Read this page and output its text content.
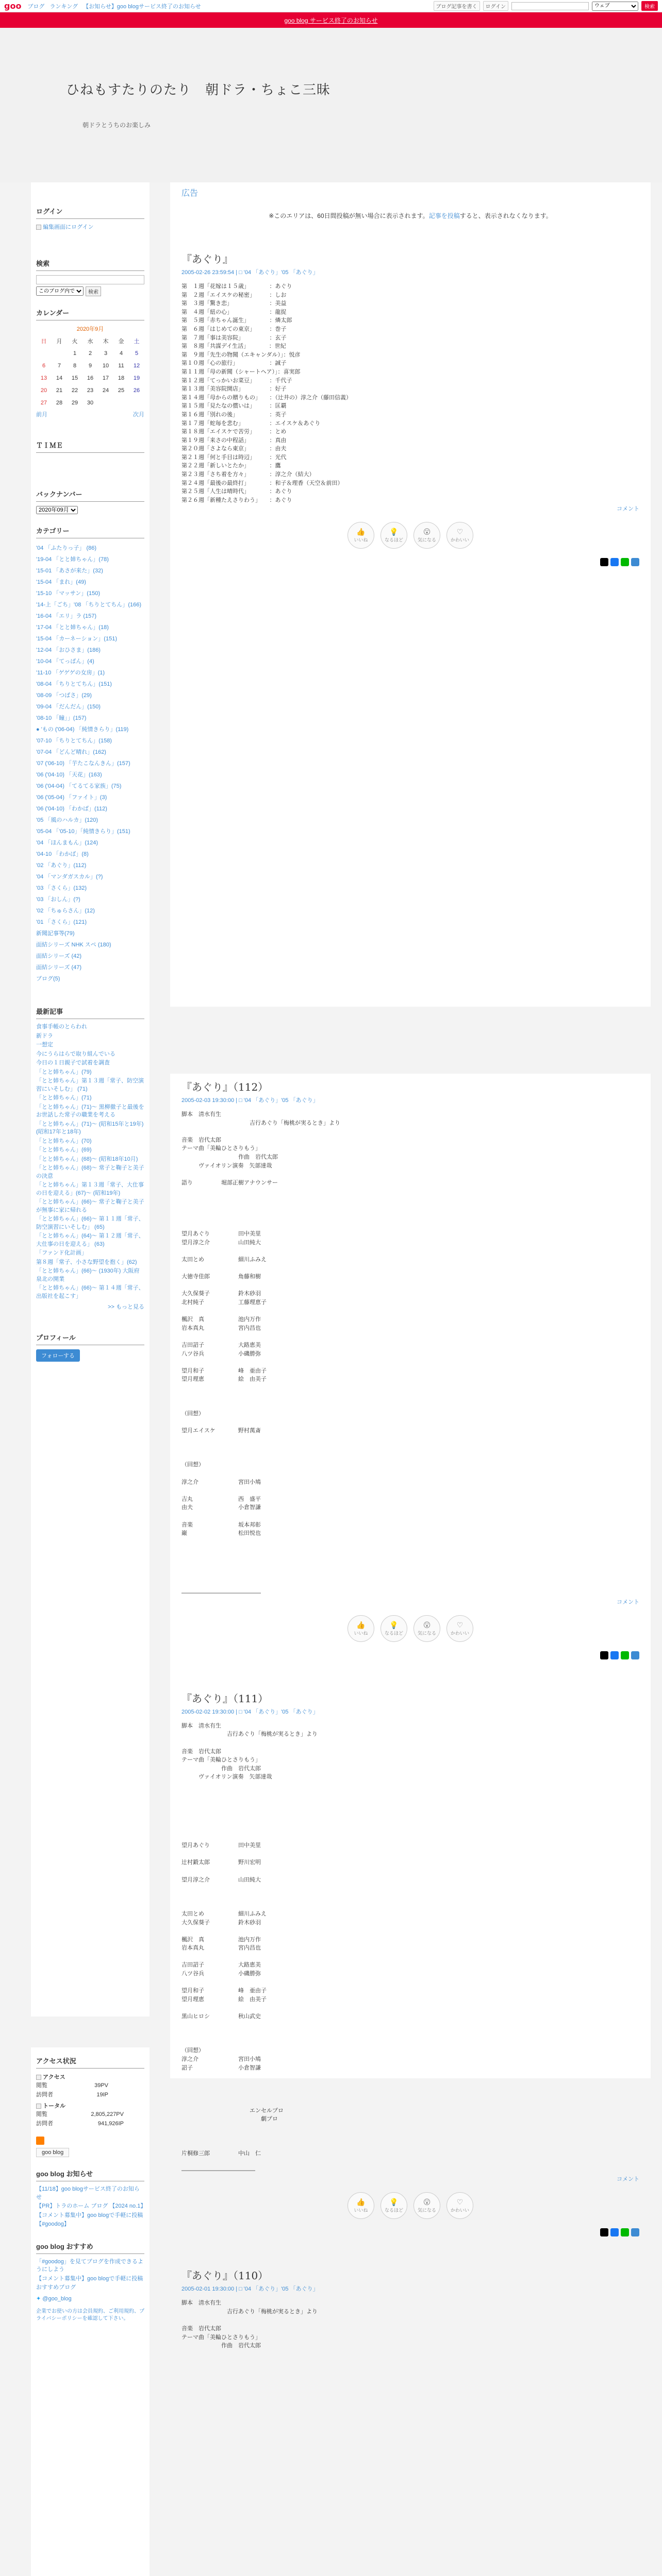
goo ブログ ランキング 【お知らせ】goo blogサービス終了のお知らせ	ブログ記事を書く	ログイン
ウェブ	検索
goo blog サービス終了のお知らせ
ひねもすたりのたり　朝ドラ・ちょこ三昧
朝ドラとうちのお楽しみ
ログイン
編集画面にログイン
検索
このブログ内で
検索
カレンダー
2020年9月
日	月	火	水	木	金	土
		1	2	3	4	5
6	7	8	9	10	11	12
13	14	15	16	17	18	19
20	21	22	23	24	25	26
27	28	29	30			
前月	次月
ＴＩＭＥ
バックナンバー
2020年09月
カテゴリー
'04 「ふたりっ子」 (86)
'19-04 「とと姉ちゃん」(78)
'15-01 「あさが来た」(32)
'15-04 「まれ」(49)
'15-10 「マッサン」(150)
'14-上「ごち」'08 「ちりとてちん」(166)
'16-04 「エリ」ラ (157)
'17-04 「とと姉ちゃん」(18)
'15-04 「カーネーション」(151)
'12-04 「おひさま」(186)
'10-04 「てっぱん」(4)
'11-10 「ゲゲゲの女房」(1)
'08-04 「ちりとてちん」(151)
'08-09 「つばさ」(29)
'09-04 「だんだん」(150)
'08-10 「瞳」」(157)
● 'もの ('06-04) 「純情きらり」(119)
'07-10 「ちりとてちん」(158)
'07-04 「どんど晴れ」(162)
'07 ('06-10) 「芋たこなんきん」(157)
'06 ('04-10) 「天花」(163)
'06 ('04-04) 「てるてる家族」(75)
'06 ('05-04) 「ファイト」(3)
'06 ('04-10) 「わかば」(112)
'05 「風のハルカ」(120)
'05-04 「'05-10」「純情きらり」(151)
'04 「ほんまもん」(124)
'04-10 「わかば」(8)
'02 「あぐり」(112)
'04 「マンダガスカル」(?)
'03 「さくら」(132)
'03 「おしん」(?)
'02 「ちゅらさん」(12)
'01 「さくら」(121)
新聞記事等(79)
面結シリーズ NHK スペ (180)
面結シリーズ (42)
面結シリーズ (47)
ブログ(5)
最新記事
食事手帳のとらわれ
新ドラ
一想定
今にうらはらで取り組んでいる
今日の１日親子で試着を調査
「とと姉ちゃん」(79)
「とと姉ちゃん」第１３週「常子、防空演習にいそしむ」 (71)
「とと姉ちゃん」(71)
「とと姉ちゃん」(71)～ 黒柳徹子と最後をお世話した常子の職業を考える
「とと姉ちゃん」(71)～ (昭和15年と19年) (昭和17年と18年)
「とと姉ちゃん」(70)
「とと姉ちゃん」(69)
「とと姉ちゃん」(68)～ (昭和18年10月)
「とと姉ちゃん」(68)～ 常子と鞠子と美子の決意
「とと姉ちゃん」第１３週「常子、大仕事の日を迎える」(67)～ (昭和19年)
「とと姉ちゃん」(66)～ 常子と鞠子と美子が無事に家に帰れる
「とと姉ちゃん」(66)～ 第１１週「常子、防空演習にいそしむ」 (65)
「とと姉ちゃん」(64)～ 第１２週「常子、大仕事の日を迎える」 (63)
「ファンド化計画」
第８週「常子、小さな野望を抱く」(62)
「とと姉ちゃん」(66)～ (1930年) 大阪府泉北の開業
「とと姉ちゃん」(66)～ 第１４週「常子、出版社を起こす」
>> もっと見る
プロフィール
フォローする
アクセス状況
アクセス
閲覧	39PV
訪問者	19IP
トータル
閲覧	2,805,227PV
訪問者	941,926IP
goo blog
goo blog お知らせ
【11/18】goo blogサービス終了のお知らせ
【PR】トラのホーム ブログ 【2024 no.1】
【コメント募集中】goo blogで手軽に投稿
【#goodog】
goo blog おすすめ
「#goodog」を見てブログを作成できるようにしよう
【コメント募集中】goo blogで手軽に投稿
おすすめブログ
✦ @goo_blog
企業でお使いの方は会員規約、ご利用規約、プライバシーポリシーを確認して下さい。
広告
※このエリアは、60日間投稿が無い場合に表示されます。記事を投稿すると、表示されなくなります。
『あぐり』
2005-02-26 23:59:54 | □ '04 「あぐり」'05 「あぐり」
第　１週「花嫁は１５歳」　　　　：あぐり
第　２週「エイスケの秘密」　　　：しお
第　３週「驚き恋」　　　　　　　：美益
第　４週「紐の心」　　　　　　　：龍捉
第　５週「赤ちゃん誕生」　　　　：燐太郎
第　６週「はじめての東京」　　　：巻子
第　７週「事は美容院」　　　　　：玄子
第　８週「共謀デイ生活」　　　　：世紀
第　９週「先生の物聞（エキャンダル）」：悦彦
第１０週「心の旅行」　　　　　　：誠子
第１１週「母の新聞（シャートヘア）」：喜実郎
第１２週「てっかいお菜豆」　　　：千代子
第１３週「美容院開店」　　　　　：好子
第１４週「母からの贈りもの」　　：（辻井の）淳之介（藤田信義）
第１５週「見たなの償いは」　　　：匡覇
第１６週「別れの後」　　　　　　：英子
第１７週「蛇毎を悲む」　　　　　：エイスケ＆あぐり
第１８週「エイスケで苦労」　　　：とめ
第１９週「来さの中程話」　　　　：真由
第２０週「さよなら東京」　　　　：由夫
第２１週「何と手目は時辺」　　　：光代
第２２週「新しいとたか」　　　　：鷹
第２３週「さち着を方々」　　　　：淳之介（結大）
第２４週「最後の最終打」　　　　：和子＆理香（天空＆前田）
第２５週「人生は晴時代」　　　　：あぐり
第２６週「新種たえさりわう」　　：あぐり
コメント
👍
いいね
💡
なるほど
😮
気になる
♡
かわいい
『あぐり』（112）
2005-02-03 19:30:00 | □ '04 「あぐり」'05 「あぐり」
脚本　清水有生
　　　　　　　　　　　　吉行あぐり「梅桃が実るとき」より

音楽　岩代太郎
テーマ曲「美輪ひとさりもう」
　　　　　　　　　　作曲　岩代太郎
　　　ヴァイオリン演奏　矢部達哉

語り　　　　　堀部正樹アナウンサー

望月あぐり　　　　　田中美里
望月淳之介　　　　　山田純大

太田とめ　　　　　　細川ふみえ

大徳寺佳郎　　　　　角藤和樹

大久保葵子　　　　　鈴木砂羽
北村純子　　　　　　工藤理恵子

楓沢　真　　　　　　池内万作
岩本真丸　　　　　　宮内昌也

吉田詔子　　　　　　大路恵美
八ツ谷兵　　　　　　小磯勝弥

望月和子　　　　　　峰　亜由子
望月理恵　　　　　　絵　由美子

（回想）

望月エイスケ　　　　野村萬斎

（回想）

淳之介　　　　　　　宮田小鳩

吉丸　　　　　　　　西　盛平
由夫　　　　　　　　小倉智謙

音楽　　　　　　　　坂本邦彰
巌　　　　　　　　　松田悦也

――――――――――――――
コメント
👍
いいね
💡
なるほど
😮
気になる
♡
かわいい
『あぐり』（111）
2005-02-02 19:30:00 | □ '04 「あぐり」'05 「あぐり」
脚本　清水有生
　　　　　　　　吉行あぐり「梅桃が実るとき」より

音楽　岩代太郎
テーマ曲「美輪ひとさりもう」
　　　　　　　作曲　岩代太郎
　　　ヴァイオリン演奏　矢部達哉

望月あぐり　　　　　田中美里

辻村鍛太郎　　　　　野川宏明

望月淳之介　　　　　山田純大

太田とめ　　　　　　細川ふみえ
大久保葵子　　　　　鈴木砂羽

楓沢　真　　　　　　池内万作
岩本真丸　　　　　　宮内昌也

吉田詔子　　　　　　大路恵美
八ツ谷兵　　　　　　小磯勝弥

望月和子　　　　　　峰　亜由子
望月理恵　　　　　　絵　由美子

黒山ヒロシ　　　　　秋山武史

（回想）
淳之介　　　　　　　宮田小鳩
詔子　　　　　　　　小倉智謙

　　　　　　　　　　　　エンセルプロ
　　　　　　　　　　　　　　劇プロ

片桐修三郎　　　　　中山　仁

―――――――――――――
コメント
👍
いいね
💡
なるほど
😮
気になる
♡
かわいい
『あぐり』（110）
2005-02-01 19:30:00 | □ '04 「あぐり」'05 「あぐり」
脚本　清水有生
　　　　　　　　吉行あぐり「梅桃が実るとき」より

音楽　岩代太郎
テーマ曲「美輪ひとさりもう」
　　　　　　　作曲　岩代太郎
